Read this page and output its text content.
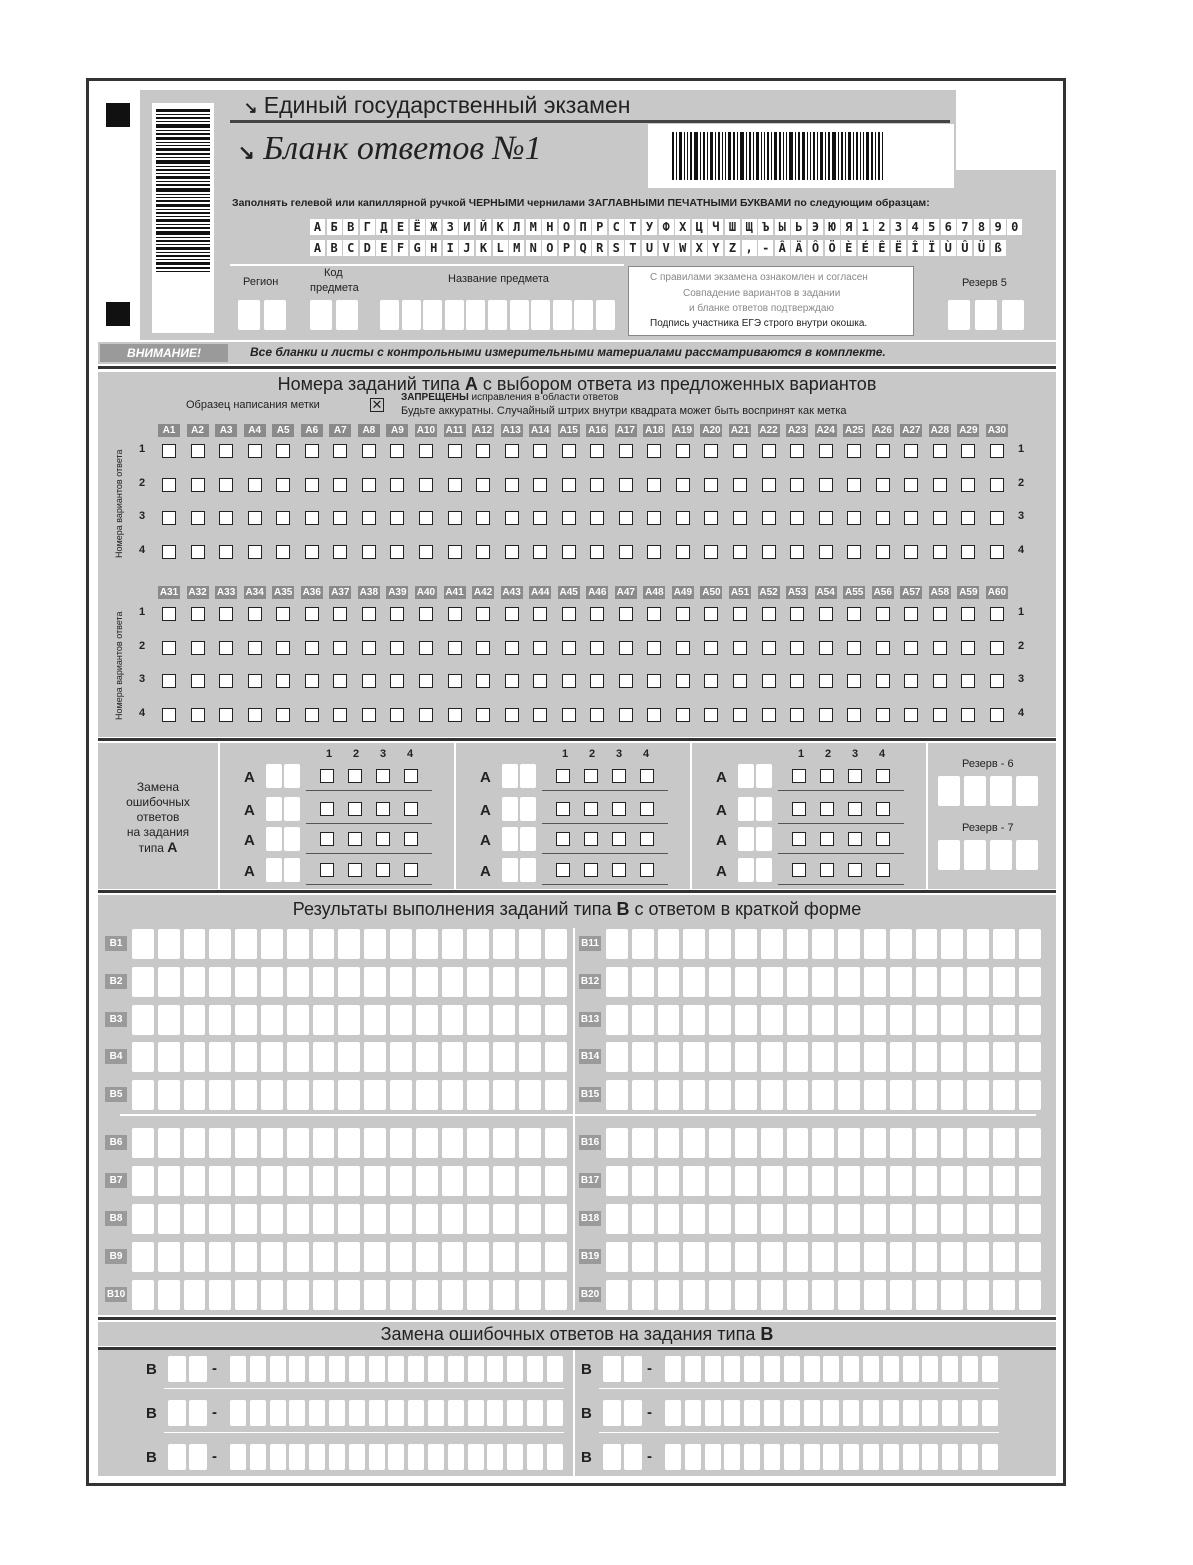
↘ Единый государственный экзамен
↘ Бланк ответов №1
Заполнять гелевой или капиллярной ручкой ЧЕРНЫМИ чернилами ЗАГЛАВНЫМИ ПЕЧАТНЫМИ БУКВАМИ по следующим образцам:
А Б В Г Д Е Ё Ж З И Й К Л М Н О П Р С Т У Ф Х Ц Ч Ш Щ Ъ Ы Ь Э Ю Я 1 2 3 4 5 6 7 8 9 0
A B C D E F G H I J K L M N O P Q R S T U V W X Y Z , - Â Ä Ô Ö È É Ê Ë Î Ï Ù Û Ü ß
Регион
Код
предмета
Название предмета	С правилами экзамена ознакомлен и согласен
Совпадение вариантов в задании
и бланке ответов подтверждаю
Подпись участника ЕГЭ строго внутри окошка.
Резерв 5
ВНИМАНИЕ!	Все бланки и листы с контрольными измерительными материалами рассматриваются в комплекте.
Номера заданий типа А с выбором ответа из предложенных вариантов
Образец написания метки	✕ ЗАПРЕЩЕНЫ исправления в области ответов
Будьте аккуратны. Случайный штрих внутри квадрата может быть воспринят как метка
Номера вариантов ответа
Номера вариантов ответа
A1	A2	A3	A4	A5	A6	A7	A8	A9	A10 A11 A12 A13 A14 A15 A16 A17 A18 A19 A20 A21 A22 A23 A24 A25 A26 A27 A28 A29 A30
1	1
2	2
3	3
4	4
A31 A32 A33 A34 A35 A36 A37 A38 A39 A40 A41 A42 A43 A44 A45 A46 A47 A48 A49 A50 A51 A52 A53 A54 A55 A56 A57 A58 A59 A60
1	1
2	2
3	3
4	4
Замена
ошибочных
ответов
на задания
типа А
1 2 3 4
А
А
А
А
1 2 3 4
А
А
А
А
1 2 3 4
А
А
А
А
Резерв - 6
Резерв - 7
Результаты выполнения заданий типа В с ответом в краткой форме
B1
B2
B3
B4
B5
B11
B12
B13
B14
B15
B6
B7
B8
B9
B10
B16
B17
B18
B19
B20
Замена ошибочных ответов на задания типа В
В	-
В	-
В	-
В	-
В	-
В	-
